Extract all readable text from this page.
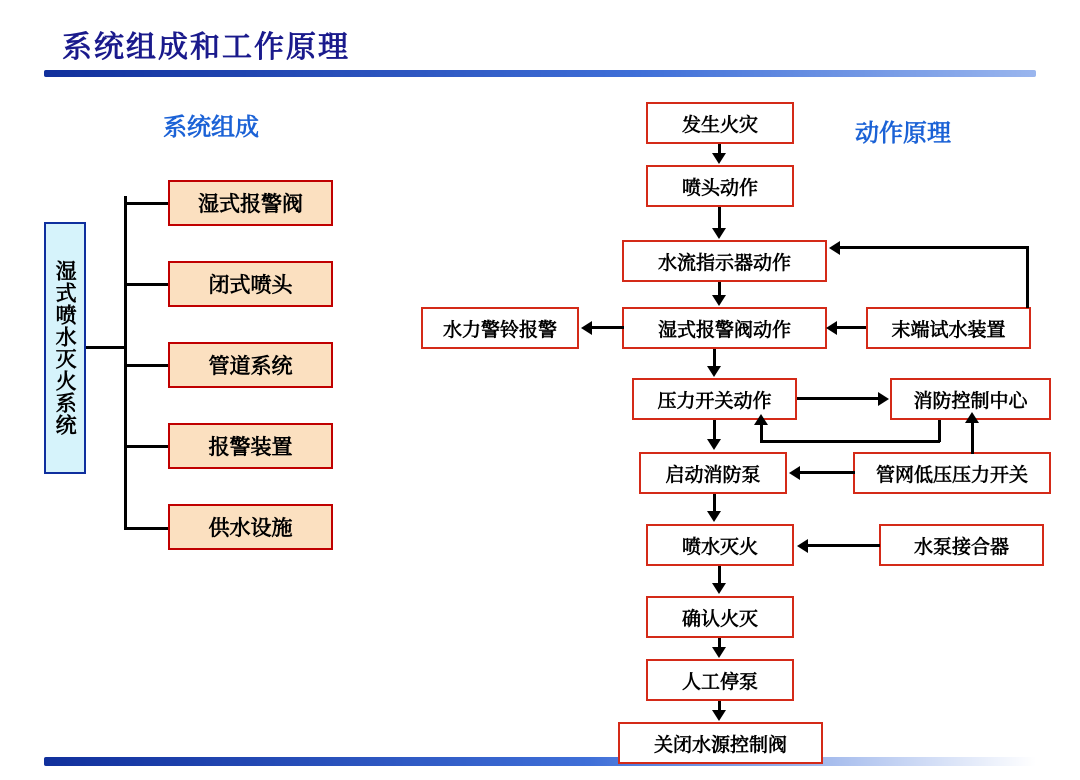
系统组成和工作原理
系统组成	动作原理
湿式喷水灭火系统
湿式报警阀
闭式喷头
管道系统
报警装置
供水设施
发生火灾
喷头动作
水流指示器动作
湿式报警阀动作
水力警铃报警	末端试水装置
压力开关动作	消防控制中心
启动消防泵	管网低压压力开关
喷水灭火	水泵接合器
确认火灭
人工停泵
关闭水源控制阀
